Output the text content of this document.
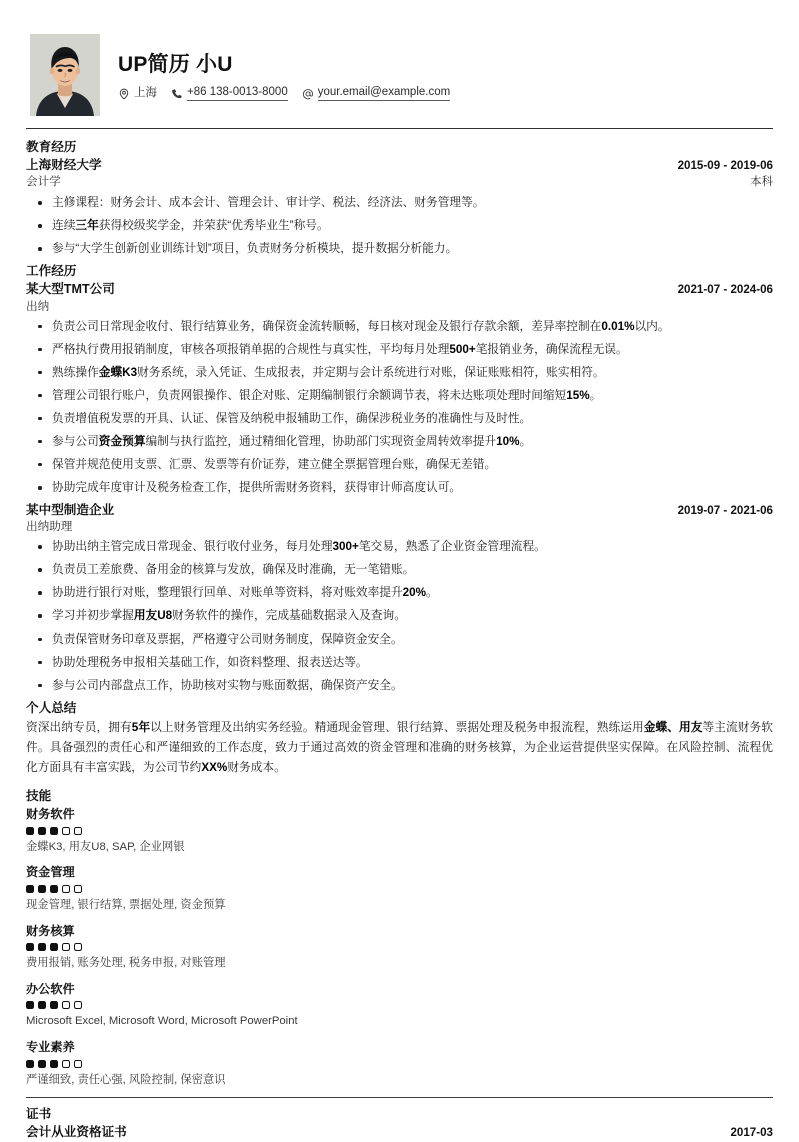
UP简历 小U
上海	+86 138-0013-8000	your.email@example.com
教育经历
上海财经大学	2015-09 - 2019-06
会计学	本科
主修课程：财务会计、成本会计、管理会计、审计学、税法、经济法、财务管理等。
连续三年获得校级奖学金，并荣获“优秀毕业生”称号。
参与“大学生创新创业训练计划”项目，负责财务分析模块，提升数据分析能力。
工作经历
某大型TMT公司	2021-07 - 2024-06
出纳
负责公司日常现金收付、银行结算业务，确保资金流转顺畅，每日核对现金及银行存款余额，差异率控制在0.01%以内。
严格执行费用报销制度，审核各项报销单据的合规性与真实性，平均每月处理500+笔报销业务，确保流程无误。
熟练操作金蝶K3财务系统，录入凭证、生成报表，并定期与会计系统进行对账，保证账账相符，账实相符。
管理公司银行账户，负责网银操作、银企对账、定期编制银行余额调节表，将未达账项处理时间缩短15%。
负责增值税发票的开具、认证、保管及纳税申报辅助工作，确保涉税业务的准确性与及时性。
参与公司资金预算编制与执行监控，通过精细化管理，协助部门实现资金周转效率提升10%。
保管并规范使用支票、汇票、发票等有价证券，建立健全票据管理台账，确保无差错。
协助完成年度审计及税务检查工作，提供所需财务资料，获得审计师高度认可。
某中型制造企业	2019-07 - 2021-06
出纳助理
协助出纳主管完成日常现金、银行收付业务，每月处理300+笔交易，熟悉了企业资金管理流程。
负责员工差旅费、备用金的核算与发放，确保及时准确，无一笔错账。
协助进行银行对账，整理银行回单、对账单等资料，将对账效率提升20%。
学习并初步掌握用友U8财务软件的操作，完成基础数据录入及查询。
负责保管财务印章及票据，严格遵守公司财务制度，保障资金安全。
协助处理税务申报相关基础工作，如资料整理、报表送达等。
参与公司内部盘点工作，协助核对实物与账面数据，确保资产安全。
个人总结

资深出纳专员，拥有5年以上财务管理及出纳实务经验。精通现金管理、银行结算、票据处理及税务申报流程，熟练运用金蝶、用友等主流财务软件。具备强烈的责任心和严谨细致的工作态度，致力于通过高效的资金管理和准确的财务核算，为企业运营提供坚实保障。在风险控制、流程优化方面具有丰富实践，为公司节约XX%财务成本。

技能
财务软件
金蝶K3, 用友U8, SAP, 企业网银
资金管理
现金管理, 银行结算, 票据处理, 资金预算
财务核算
费用报销, 账务处理, 税务申报, 对账管理
办公软件
Microsoft Excel, Microsoft Word, Microsoft PowerPoint
专业素养
严谨细致, 责任心强, 风险控制, 保密意识
证书
会计从业资格证书	2017-03
